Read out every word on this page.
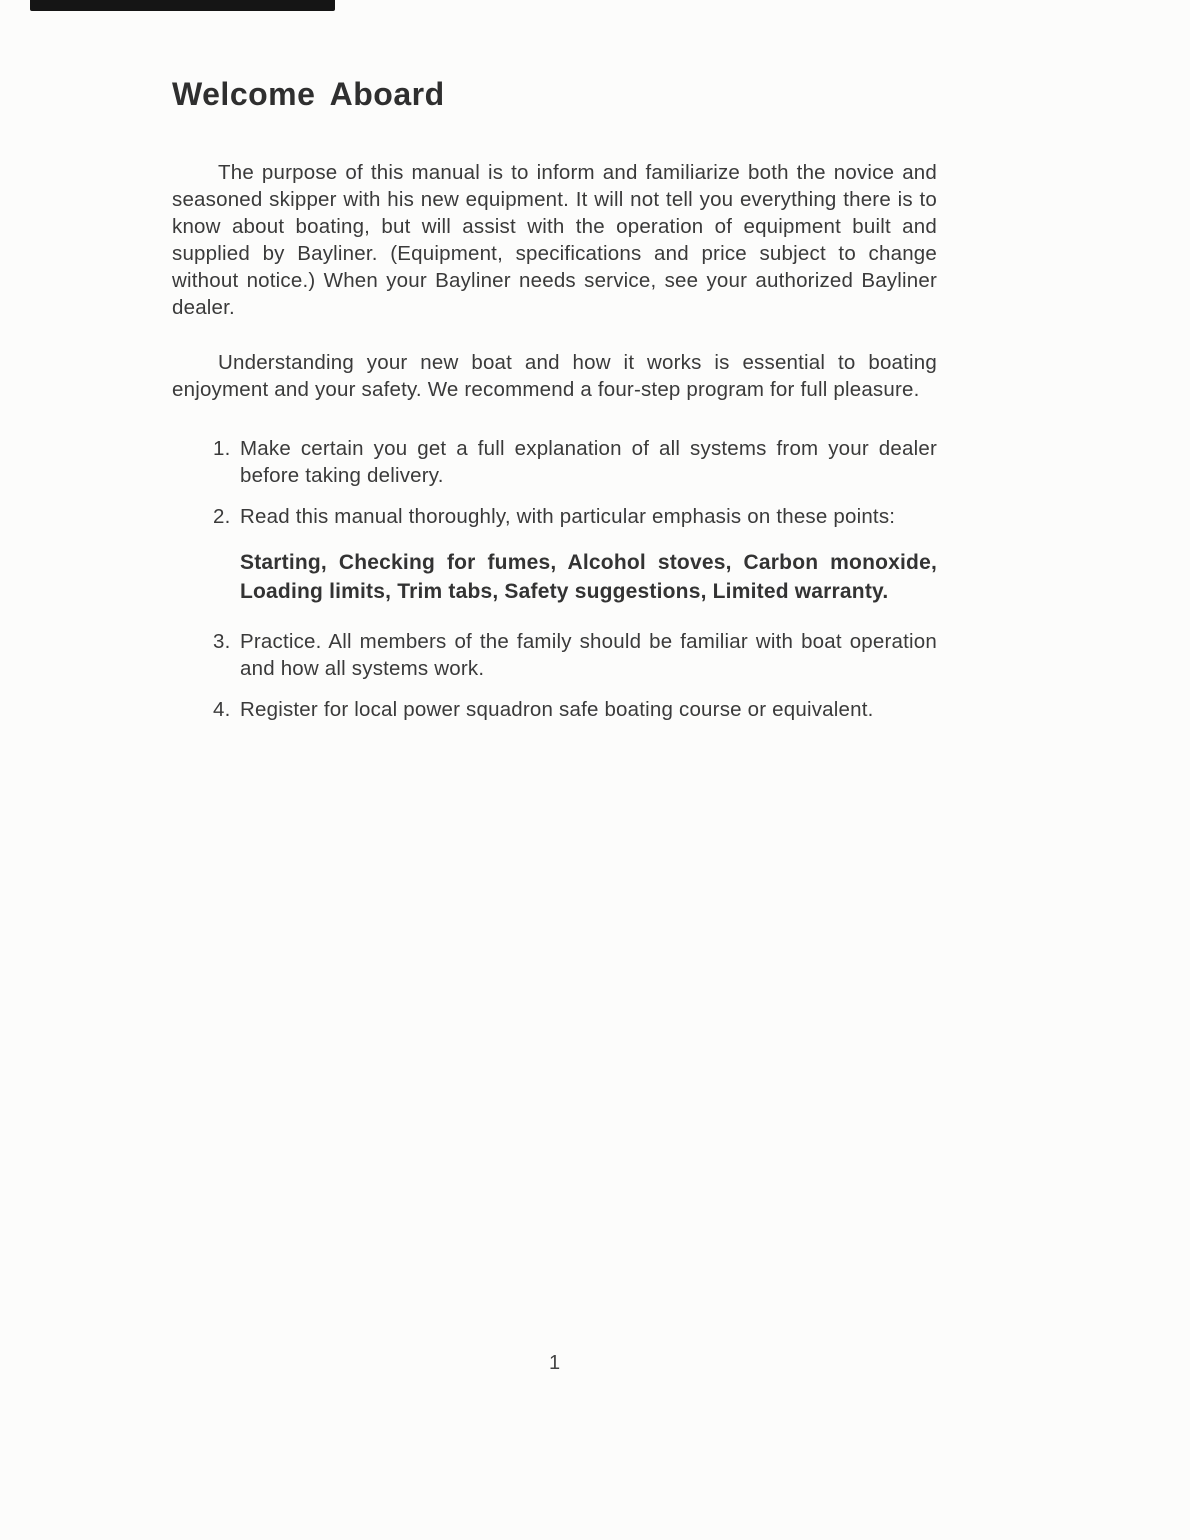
Welcome Aboard

The purpose of this manual is to inform and familiarize both the novice and seasoned skipper with his new equipment. It will not tell you everything there is to know about boating, but will assist with the operation of equipment built and supplied by Bayliner. (Equipment, specifications and price subject to change without notice.) When your Bayliner needs service, see your authorized Bayliner dealer.

Understanding your new boat and how it works is essential to boating enjoyment and your safety. We recommend a four-step program for full pleasure.

1. Make certain you get a full explanation of all systems from your dealer before taking delivery.
2. Read this manual thoroughly, with particular emphasis on these points:
Starting, Checking for fumes, Alcohol stoves, Carbon monoxide, Loading limits, Trim tabs, Safety suggestions, Limited warranty.
3. Practice. All members of the family should be familiar with boat operation and how all systems work.
4. Register for local power squadron safe boating course or equivalent.
1
